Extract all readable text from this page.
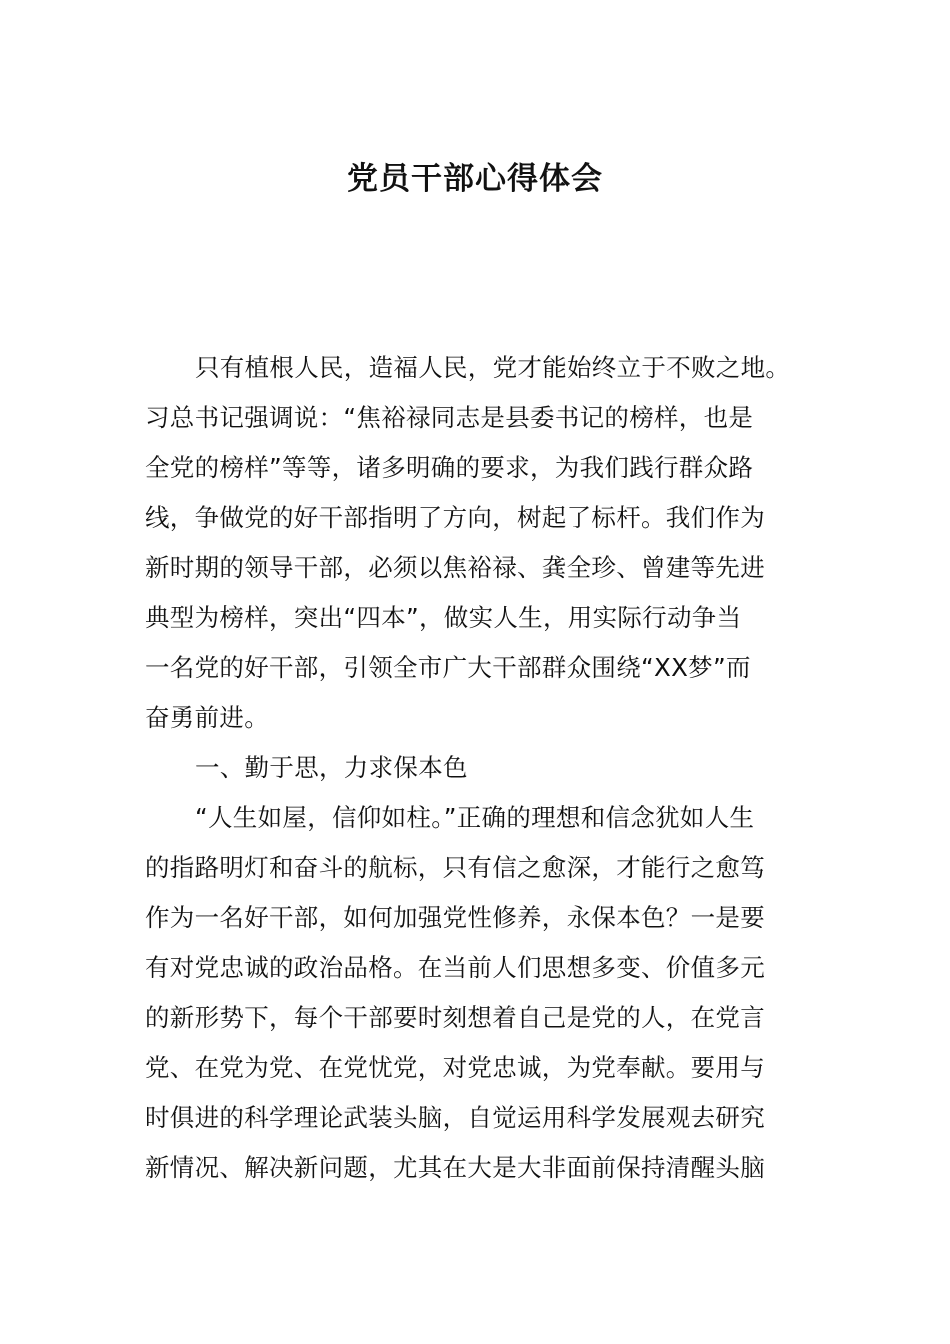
党员干部心得体会
只有植根人民，造福人民，党才能始终立于不败之地。
习总书记强调说：“焦裕禄同志是县委书记的榜样，也是
全党的榜样”等等，诸多明确的要求，为我们践行群众路
线，争做党的好干部指明了方向，树起了标杆。我们作为
新时期的领导干部，必须以焦裕禄、龚全珍、曾建等先进
典型为榜样，突出“四本”，做实人生，用实际行动争当
一名党的好干部，引领全市广大干部群众围绕“XX梦”而
奋勇前进。
一、勤于思，力求保本色
“人生如屋，信仰如柱。”正确的理想和信念犹如人生
的指路明灯和奋斗的航标，只有信之愈深，才能行之愈笃
作为一名好干部，如何加强党性修养，永保本色？一是要
有对党忠诚的政治品格。在当前人们思想多变、价值多元
的新形势下，每个干部要时刻想着自己是党的人，在党言
党、在党为党、在党忧党，对党忠诚，为党奉献。要用与
时俱进的科学理论武装头脑，自觉运用科学发展观去研究
新情况、解决新问题，尤其在大是大非面前保持清醒头脑
